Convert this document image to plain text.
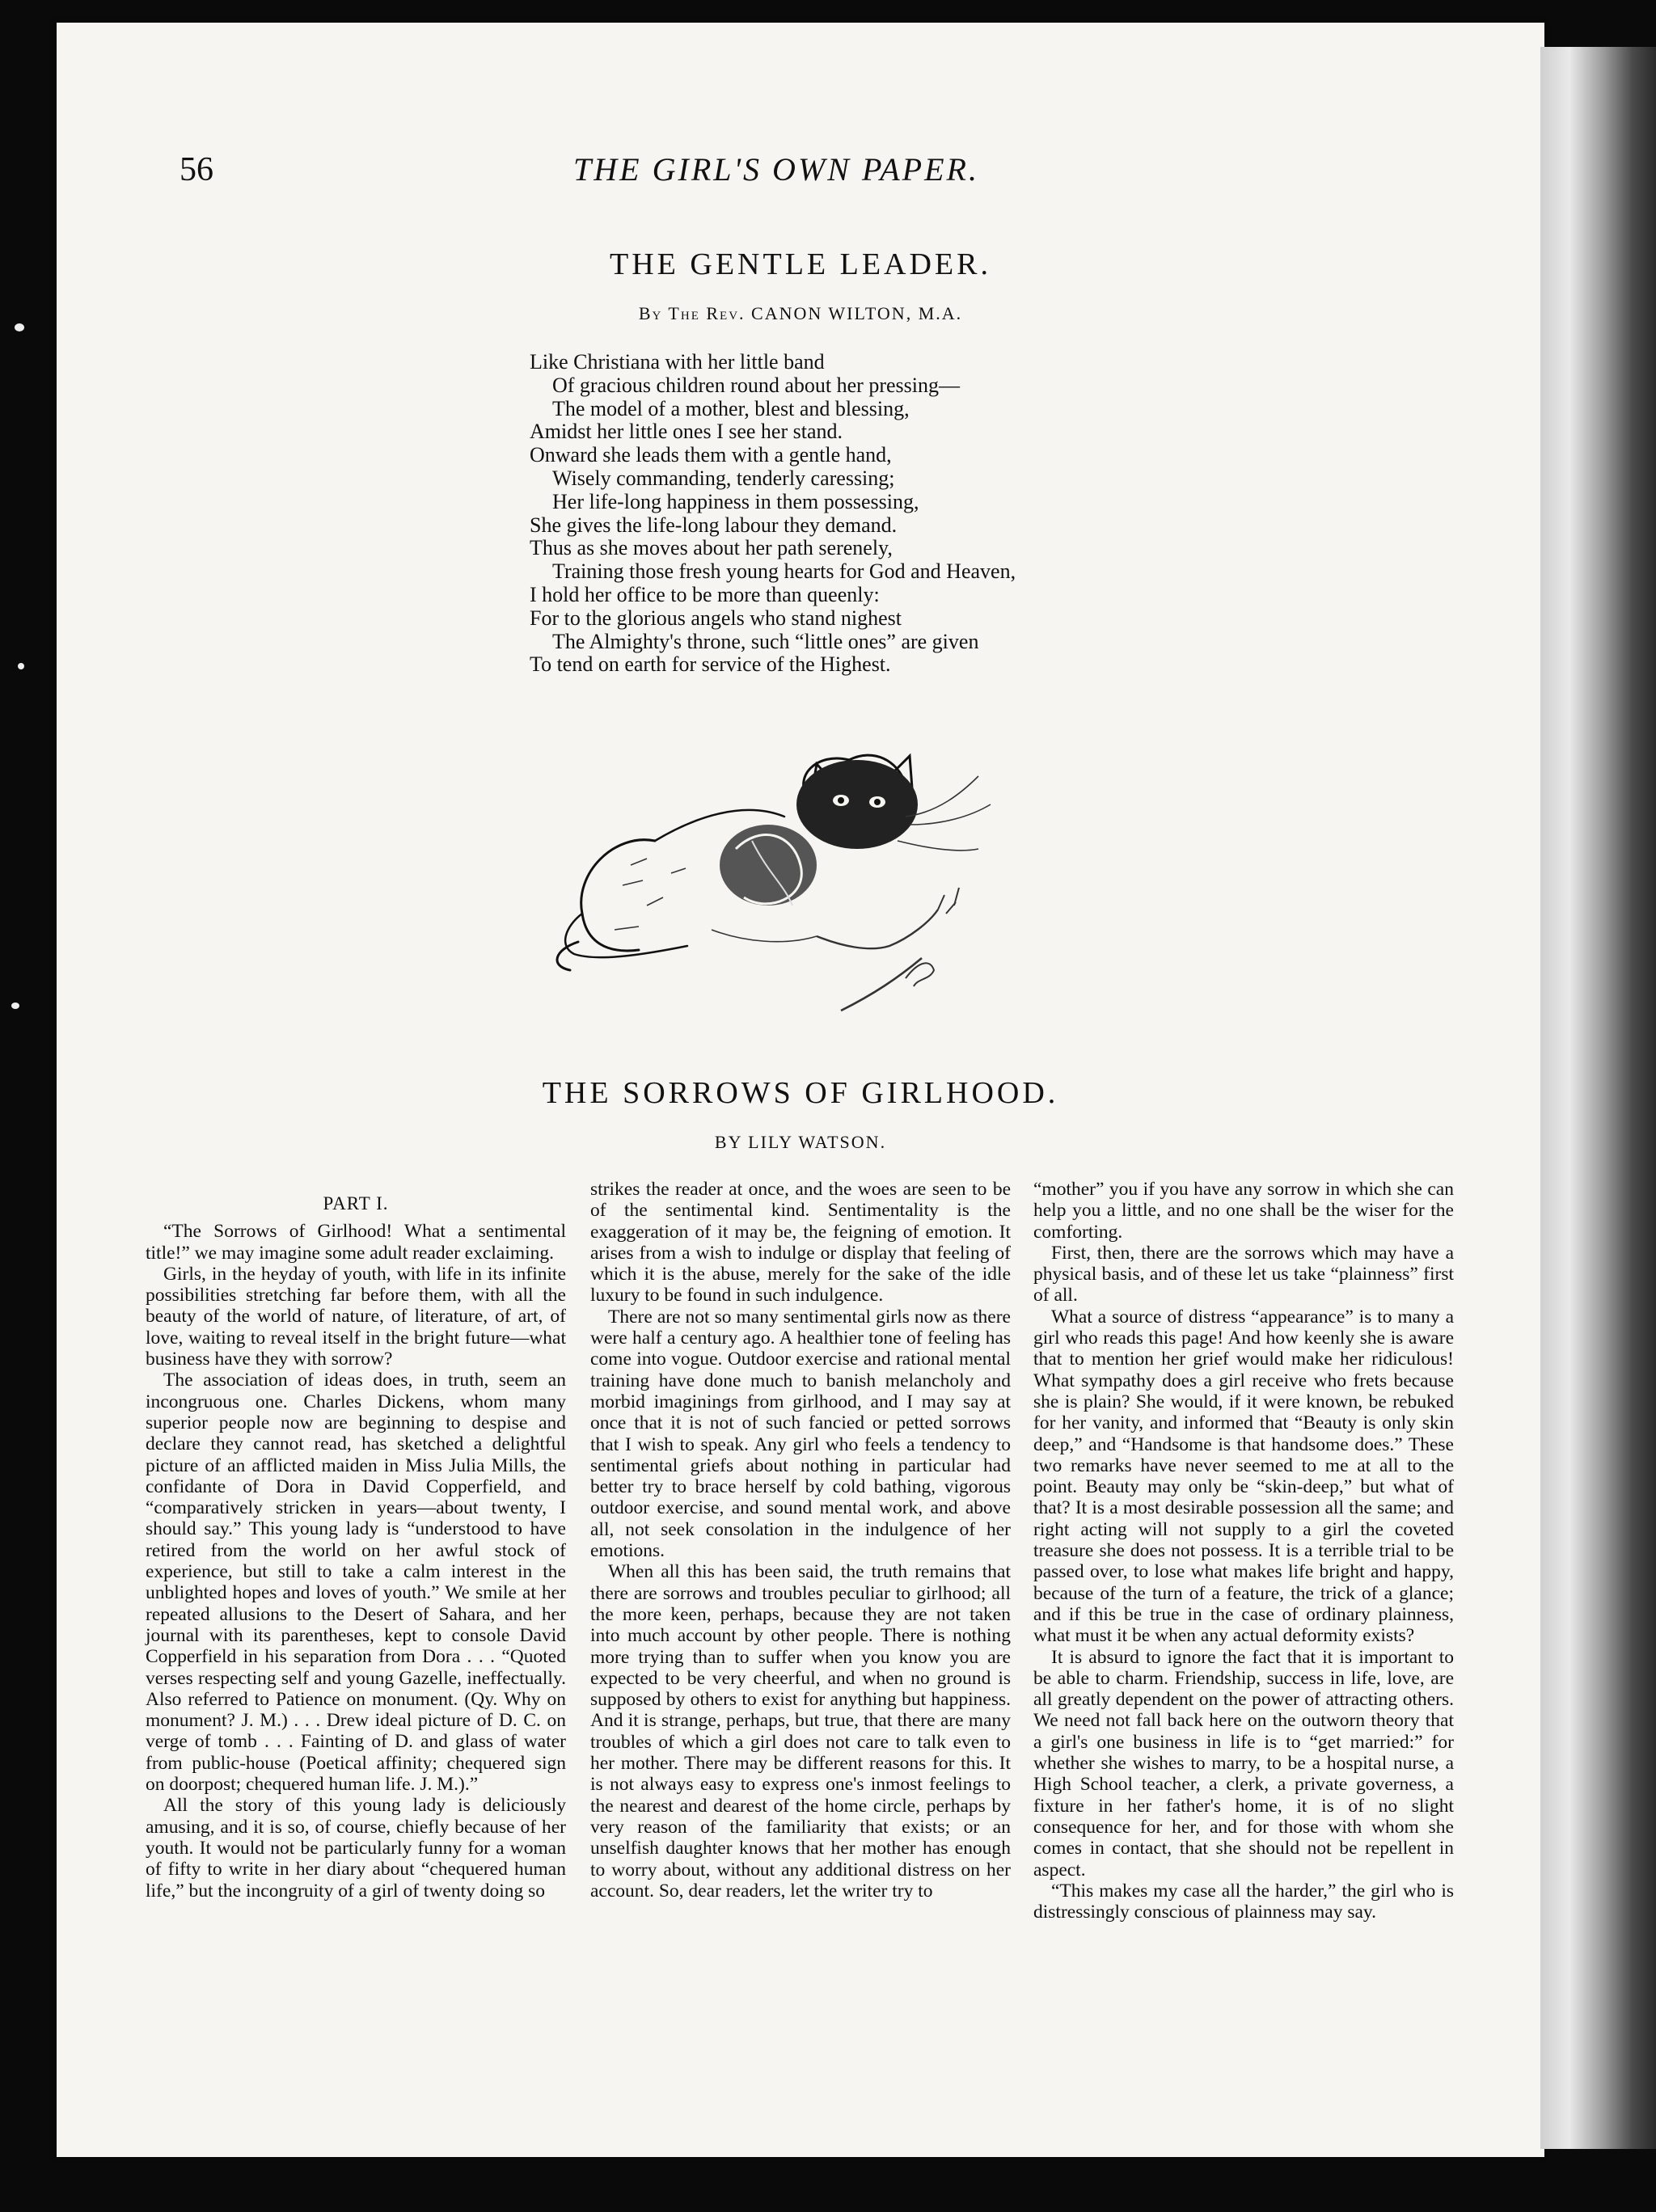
56	THE GIRL'S OWN PAPER.
THE GENTLE LEADER.
By The Rev. CANON WILTON, M.A.
Like Christiana with her little band
Of gracious children round about her pressing—
The model of a mother, blest and blessing,
Amidst her little ones I see her stand.
Onward she leads them with a gentle hand,
Wisely commanding, tenderly caressing;
Her life-long happiness in them possessing,
She gives the life-long labour they demand.
Thus as she moves about her path serenely,
Training those fresh young hearts for God and Heaven,
I hold her office to be more than queenly:
For to the glorious angels who stand nighest
The Almighty's throne, such “little ones” are given
To tend on earth for service of the Highest.
THE SORROWS OF GIRLHOOD.
BY LILY WATSON.
PART I.

“The Sorrows of Girlhood! What a sentimental title!” we may imagine some adult reader exclaiming.

Girls, in the heyday of youth, with life in its infinite possibilities stretching far before them, with all the beauty of the world of nature, of literature, of art, of love, waiting to reveal itself in the bright future—what business have they with sorrow?

The association of ideas does, in truth, seem an incongruous one. Charles Dickens, whom many superior people now are beginning to despise and declare they cannot read, has sketched a delightful picture of an afflicted maiden in Miss Julia Mills, the confidante of Dora in David Copperfield, and “comparatively stricken in years—about twenty, I should say.” This young lady is “understood to have retired from the world on her awful stock of experience, but still to take a calm interest in the unblighted hopes and loves of youth.” We smile at her repeated allusions to the Desert of Sahara, and her journal with its parentheses, kept to console David Copperfield in his separation from Dora . . . “Quoted verses respecting self and young Gazelle, ineffectually. Also referred to Patience on monument. (Qy. Why on monument? J. M.) . . . Drew ideal picture of D. C. on verge of tomb . . . Fainting of D. and glass of water from public-house (Poetical affinity; chequered sign on doorpost; chequered human life. J. M.).”

All the story of this young lady is deliciously amusing, and it is so, of course, chiefly because of her youth. It would not be particularly funny for a woman of fifty to write in her diary about “chequered human life,” but the incongruity of a girl of twenty doing so

strikes the reader at once, and the woes are seen to be of the sentimental kind. Sentimentality is the exaggeration of it may be, the feigning of emotion. It arises from a wish to indulge or display that feeling of which it is the abuse, merely for the sake of the idle luxury to be found in such indulgence.

There are not so many sentimental girls now as there were half a century ago. A healthier tone of feeling has come into vogue. Outdoor exercise and rational mental training have done much to banish melancholy and morbid imaginings from girlhood, and I may say at once that it is not of such fancied or petted sorrows that I wish to speak. Any girl who feels a tendency to sentimental griefs about nothing in particular had better try to brace herself by cold bathing, vigorous outdoor exercise, and sound mental work, and above all, not seek consolation in the indulgence of her emotions.

When all this has been said, the truth remains that there are sorrows and troubles peculiar to girlhood; all the more keen, perhaps, because they are not taken into much account by other people. There is nothing more trying than to suffer when you know you are expected to be very cheerful, and when no ground is supposed by others to exist for anything but happiness. And it is strange, perhaps, but true, that there are many troubles of which a girl does not care to talk even to her mother. There may be different reasons for this. It is not always easy to express one's inmost feelings to the nearest and dearest of the home circle, perhaps by very reason of the familiarity that exists; or an unselfish daughter knows that her mother has enough to worry about, without any additional distress on her account. So, dear readers, let the writer try to

“mother” you if you have any sorrow in which she can help you a little, and no one shall be the wiser for the comforting.

First, then, there are the sorrows which may have a physical basis, and of these let us take “plainness” first of all.

What a source of distress “appearance” is to many a girl who reads this page! And how keenly she is aware that to mention her grief would make her ridiculous! What sympathy does a girl receive who frets because she is plain? She would, if it were known, be rebuked for her vanity, and informed that “Beauty is only skin deep,” and “Handsome is that handsome does.” These two remarks have never seemed to me at all to the point. Beauty may only be “skin-deep,” but what of that? It is a most desirable possession all the same; and right acting will not supply to a girl the coveted treasure she does not possess. It is a terrible trial to be passed over, to lose what makes life bright and happy, because of the turn of a feature, the trick of a glance; and if this be true in the case of ordinary plainness, what must it be when any actual deformity exists?

It is absurd to ignore the fact that it is important to be able to charm. Friendship, success in life, love, are all greatly dependent on the power of attracting others. We need not fall back here on the outworn theory that a girl's one business in life is to “get married:” for whether she wishes to marry, to be a hospital nurse, a High School teacher, a clerk, a private governess, a fixture in her father's home, it is of no slight consequence for her, and for those with whom she comes in contact, that she should not be repellent in aspect.

“This makes my case all the harder,” the girl who is distressingly conscious of plainness may say.
